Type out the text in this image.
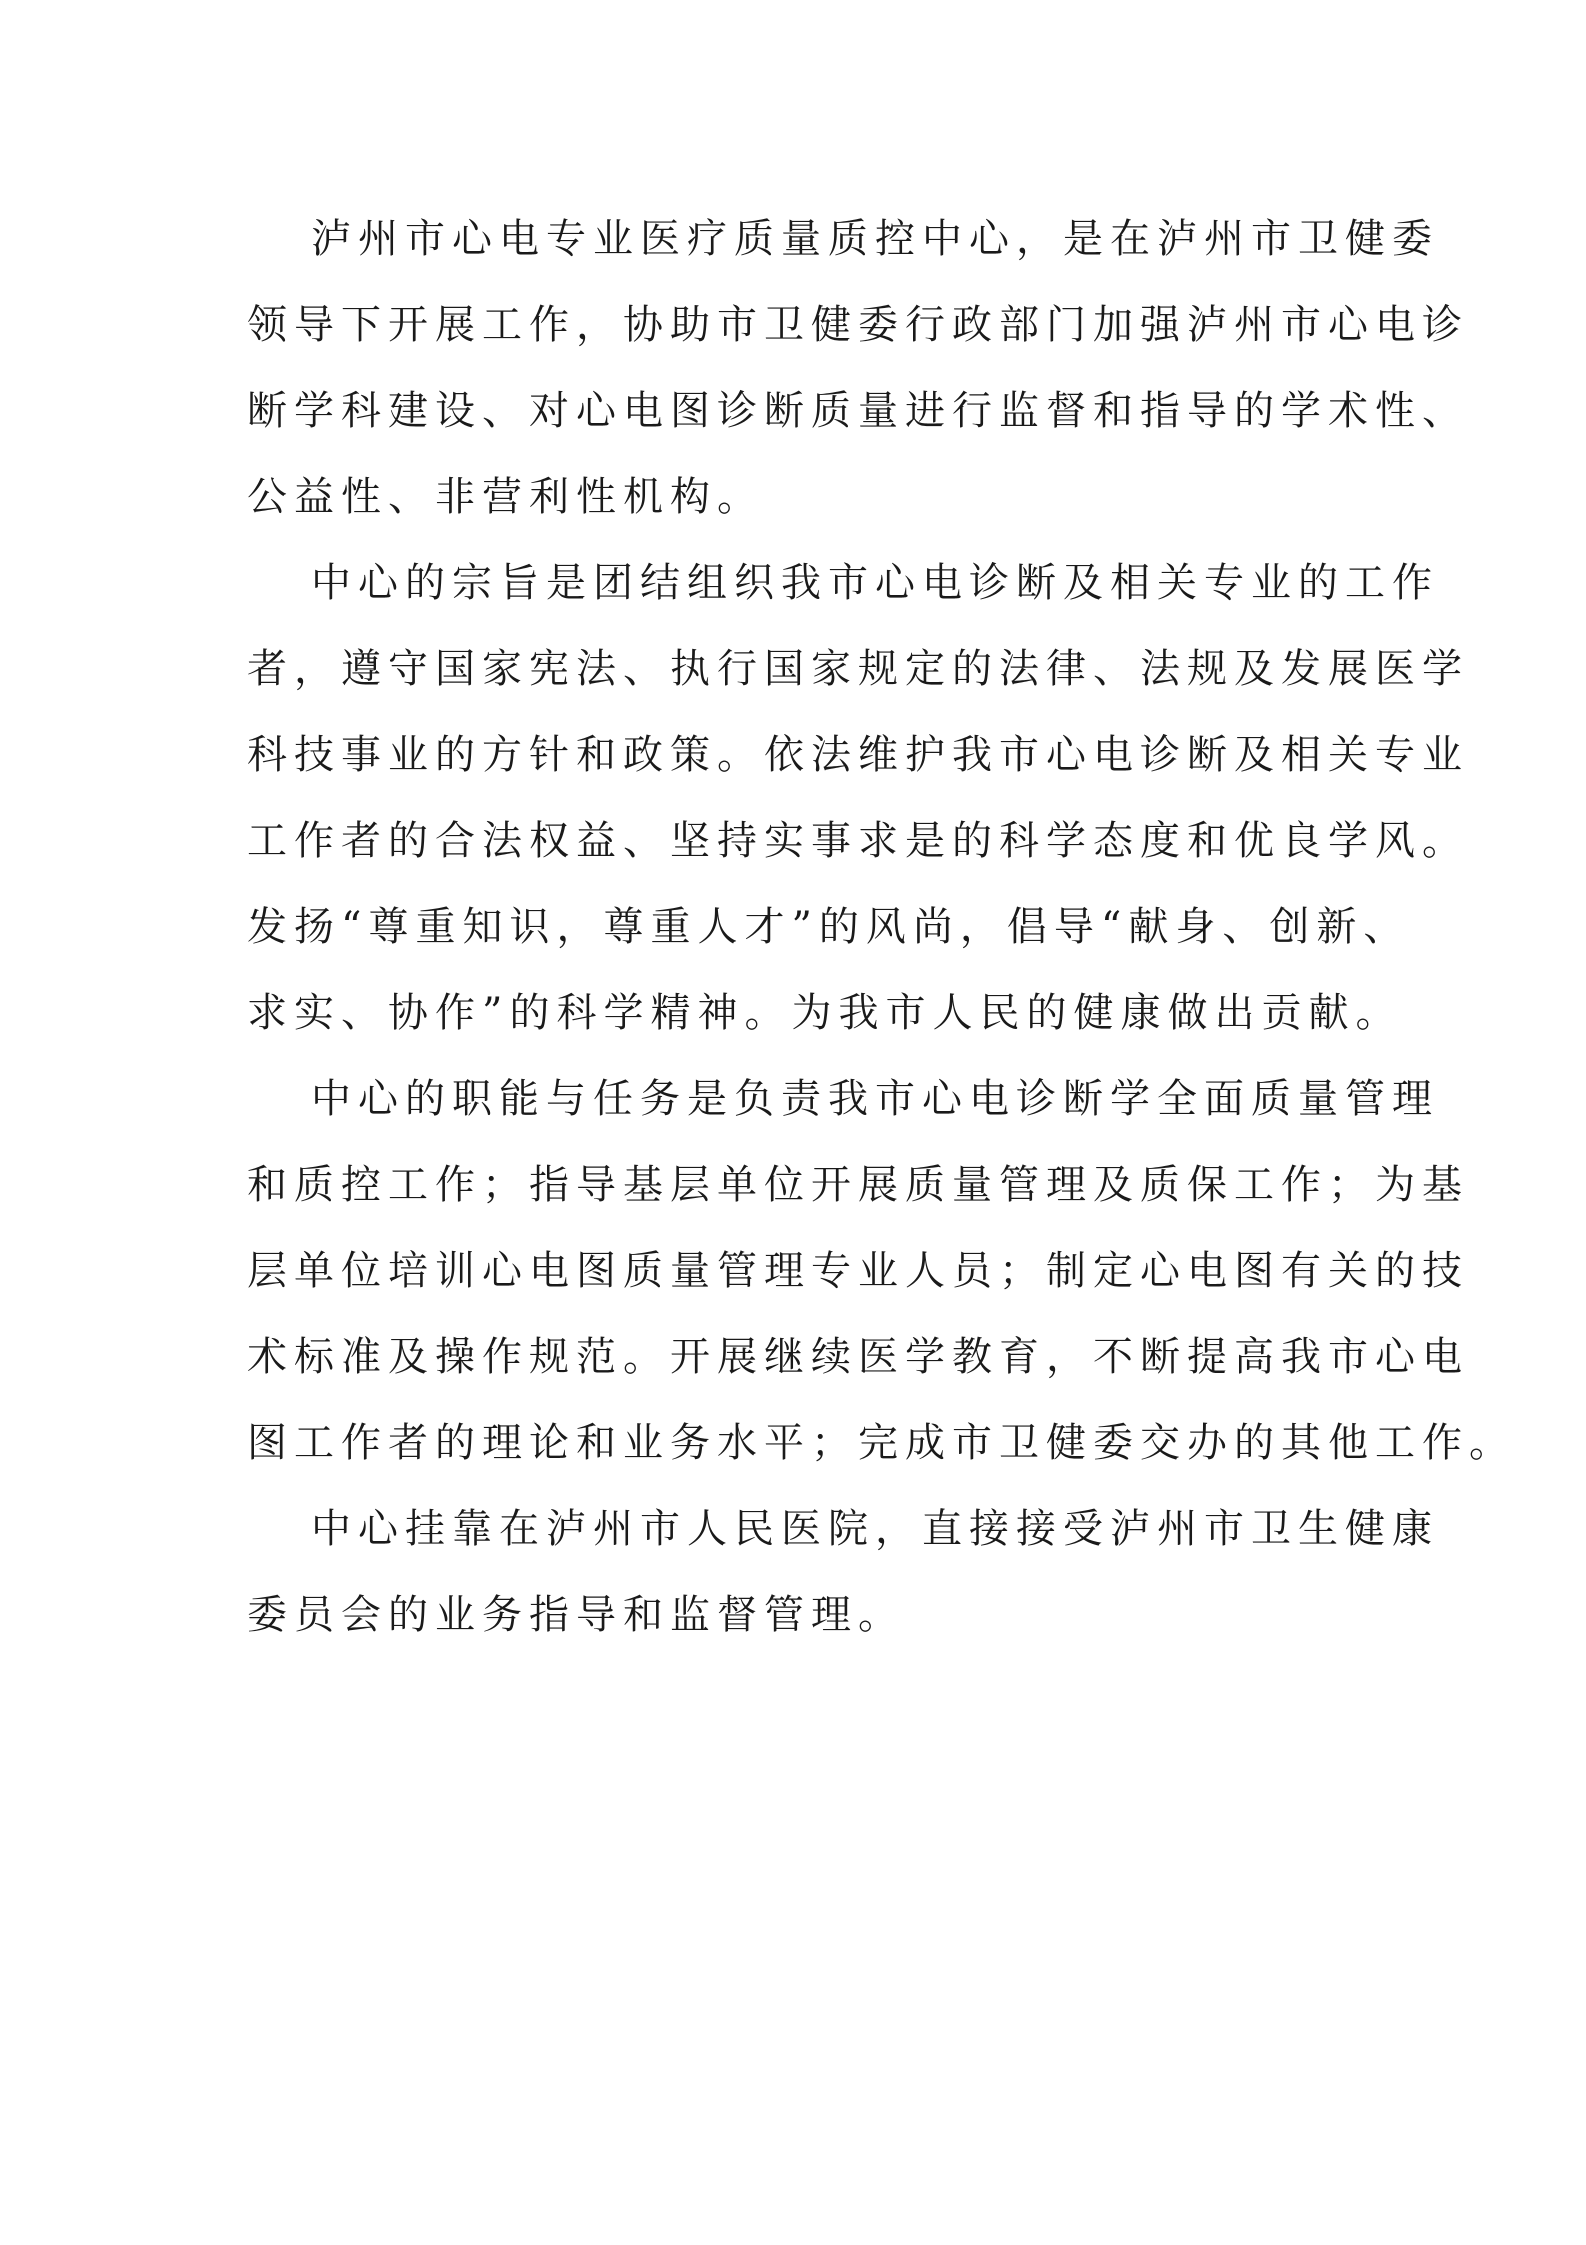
泸州市心电专业医疗质量质控中心，是在泸州市卫健委
领导下开展工作，协助市卫健委行政部门加强泸州市心电诊
断学科建设、对心电图诊断质量进行监督和指导的学术性、
公益性、非营利性机构。
中心的宗旨是团结组织我市心电诊断及相关专业的工作
者，遵守国家宪法、执行国家规定的法律、法规及发展医学
科技事业的方针和政策。依法维护我市心电诊断及相关专业
工作者的合法权益、坚持实事求是的科学态度和优良学风。
发扬“尊重知识，尊重人才”的风尚，倡导“献身、创新、
求实、协作”的科学精神。为我市人民的健康做出贡献。
中心的职能与任务是负责我市心电诊断学全面质量管理
和质控工作；指导基层单位开展质量管理及质保工作；为基
层单位培训心电图质量管理专业人员；制定心电图有关的技
术标准及操作规范。开展继续医学教育，不断提高我市心电
图工作者的理论和业务水平；完成市卫健委交办的其他工作。
中心挂靠在泸州市人民医院，直接接受泸州市卫生健康
委员会的业务指导和监督管理。
